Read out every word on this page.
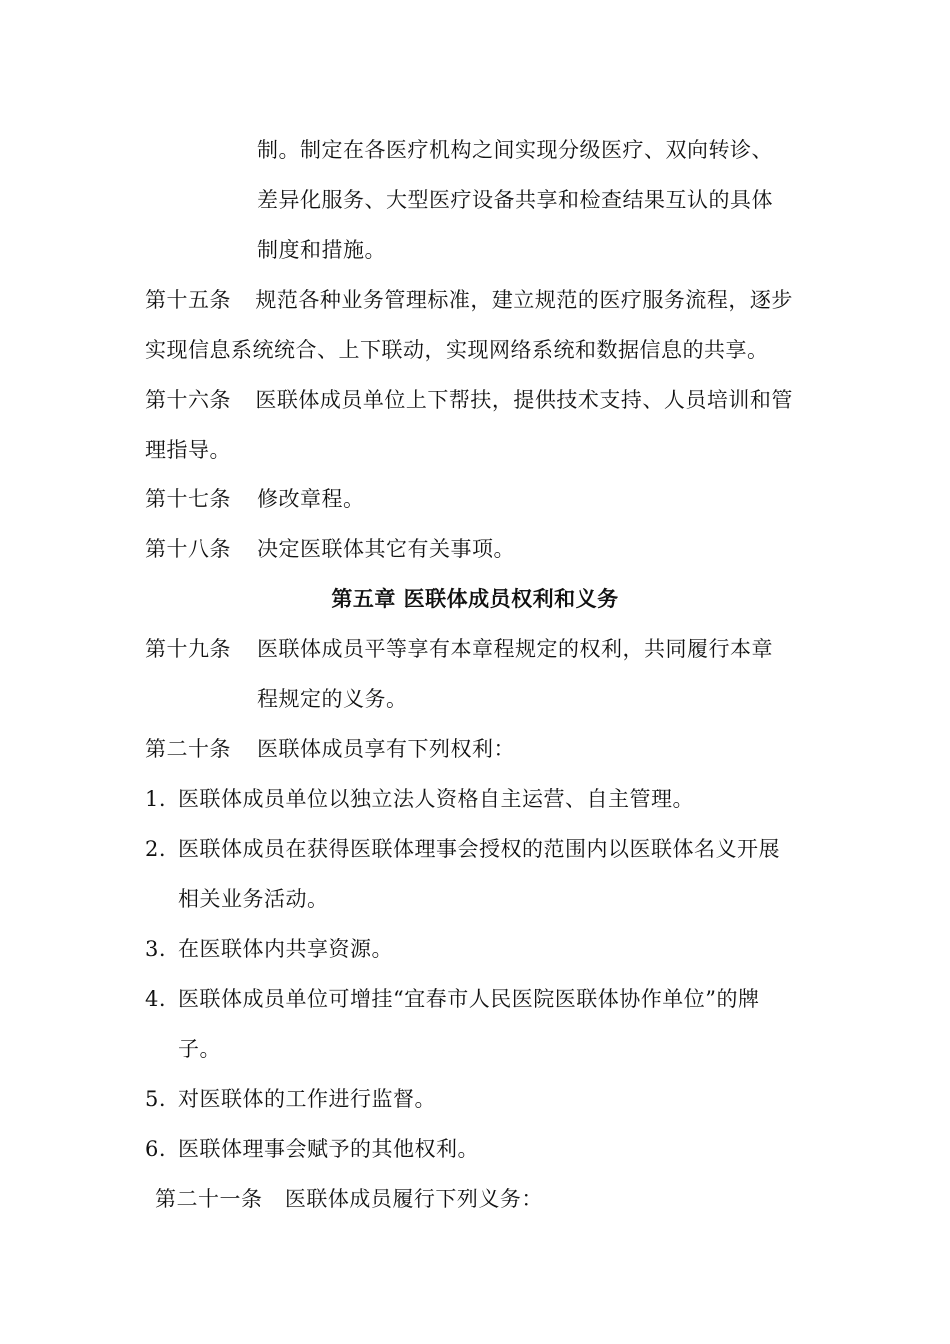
制。制定在各医疗机构之间实现分级医疗、双向转诊、
差异化服务、大型医疗设备共享和检查结果互认的具体
制度和措施。
第十五条 规范各种业务管理标准，建立规范的医疗服务流程，逐步
实现信息系统统合、上下联动，实现网络系统和数据信息的共享。
第十六条 医联体成员单位上下帮扶，提供技术支持、人员培训和管
理指导。
第十七条 修改章程。
第十八条 决定医联体其它有关事项。
第五章 医联体成员权利和义务
第十九条 医联体成员平等享有本章程规定的权利，共同履行本章
程规定的义务。
第二十条 医联体成员享有下列权利：
1. 医联体成员单位以独立法人资格自主运营、自主管理。
2. 医联体成员在获得医联体理事会授权的范围内以医联体名义开展
相关业务活动。
3. 在医联体内共享资源。
4. 医联体成员单位可增挂“宜春市人民医院医联体协作单位”的牌
子。
5. 对医联体的工作进行监督。
6. 医联体理事会赋予的其他权利。
第二十一条 医联体成员履行下列义务：
